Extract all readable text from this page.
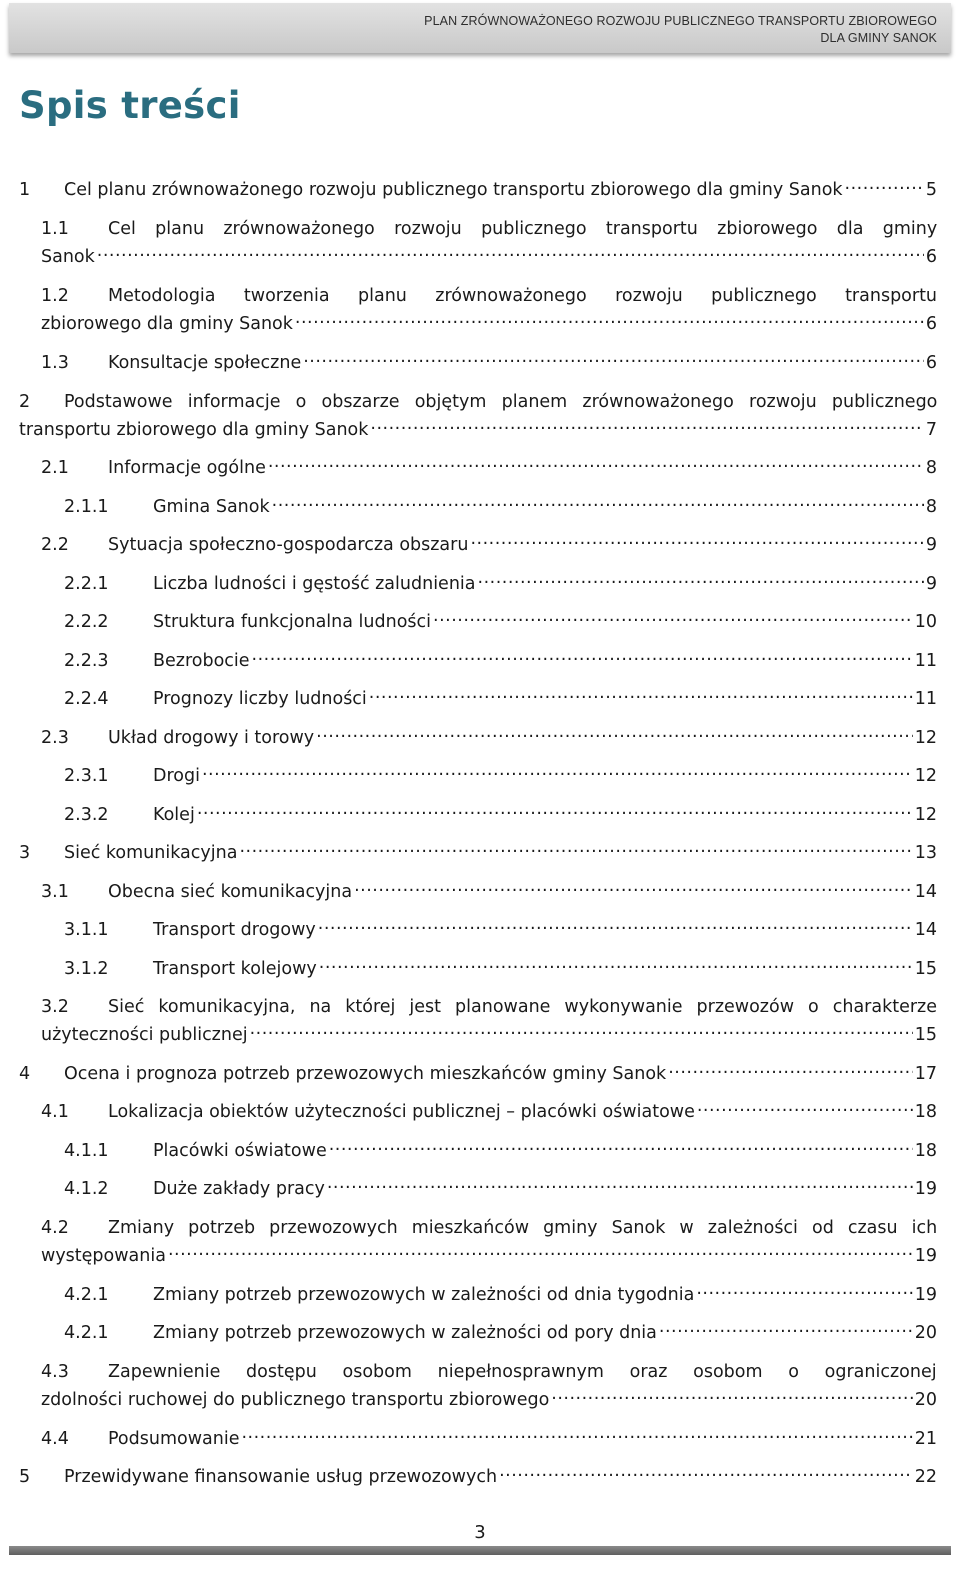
PLAN ZRÓWNOWAŻONEGO ROZWOJU PUBLICZNEGO TRANSPORTU ZBIOROWEGO
DLA GMINY SANOK
Spis treści
1	Cel planu zrównoważonego rozwoju publicznego transportu zbiorowego dla gminy Sanok .....	5
1.1	Cel planu zrównoważonego rozwoju publicznego transportu zbiorowego dla gminy
Sanok .....	6
1.2	Metodologia tworzenia planu zrównoważonego rozwoju publicznego transportu
zbiorowego dla gminy Sanok .....	6
1.3	Konsultacje społeczne .....	6
2	Podstawowe informacje o obszarze objętym planem zrównoważonego rozwoju publicznego
transportu zbiorowego dla gminy Sanok .....	7
2.1	Informacje ogólne .....	8
2.1.1	Gmina Sanok .....	8
2.2	Sytuacja społeczno-gospodarcza obszaru .....	9
2.2.1	Liczba ludności i gęstość zaludnienia .....	9
2.2.2	Struktura funkcjonalna ludności .....	10
2.2.3	Bezrobocie .....	11
2.2.4	Prognozy liczby ludności .....	11
2.3	Układ drogowy i torowy .....	12
2.3.1	Drogi .....	12
2.3.2	Kolej .....	12
3	Sieć komunikacyjna .....	13
3.1	Obecna sieć komunikacyjna .....	14
3.1.1	Transport drogowy .....	14
3.1.2	Transport kolejowy .....	15
3.2	Sieć komunikacyjna, na której jest planowane wykonywanie przewozów o charakterze
użyteczności publicznej .....	15
4	Ocena i prognoza potrzeb przewozowych mieszkańców gminy Sanok .....	17
4.1	Lokalizacja obiektów użyteczności publicznej – placówki oświatowe .....	18
4.1.1	Placówki oświatowe .....	18
4.1.2	Duże zakłady pracy .....	19
4.2	Zmiany potrzeb przewozowych mieszkańców gminy Sanok w zależności od czasu ich
występowania .....	19
4.2.1	Zmiany potrzeb przewozowych w zależności od dnia tygodnia .....	19
4.2.1	Zmiany potrzeb przewozowych w zależności od pory dnia .....	20
4.3	Zapewnienie dostępu osobom niepełnosprawnym oraz osobom o ograniczonej
zdolności ruchowej do publicznego transportu zbiorowego .....	20
4.4	Podsumowanie .....	21
5	Przewidywane finansowanie usług przewozowych .....	22
3
